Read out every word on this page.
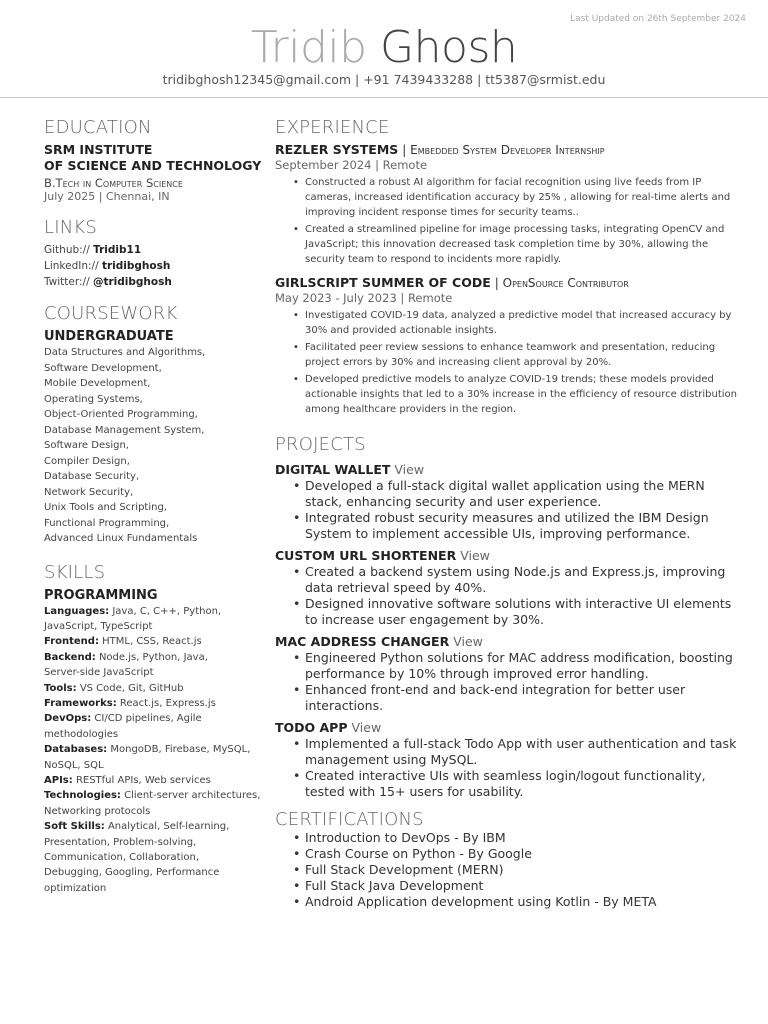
Last Updated on 26th September 2024
Tridib Ghosh
tridibghosh12345@gmail.com | +91 7439433288 | tt5387@srmist.edu
EDUCATION
SRM INSTITUTE
OF SCIENCE AND TECHNOLOGY
B.Tech in Computer Science
July 2025 | Chennai, IN
LINKS
Github:// Tridib11
LinkedIn:// tridibghosh
Twitter:// @tridibghosh
COURSEWORK
UNDERGRADUATE
Data Structures and Algorithms,
Software Development,
Mobile Development,
Operating Systems,
Object-Oriented Programming,
Database Management System,
Software Design,
Compiler Design,
Database Security,
Network Security,
Unix Tools and Scripting,
Functional Programming,
Advanced Linux Fundamentals
SKILLS
PROGRAMMING
Languages: Java, C, C++, Python,
JavaScript, TypeScript
Frontend: HTML, CSS, React.js
Backend: Node.js, Python, Java,
Server-side JavaScript
Tools: VS Code, Git, GitHub
Frameworks: React.js, Express.js
DevOps: CI/CD pipelines, Agile
methodologies
Databases: MongoDB, Firebase, MySQL,
NoSQL, SQL
APIs: RESTful APIs, Web services
Technologies: Client-server architectures,
Networking protocols
Soft Skills: Analytical, Self-learning,
Presentation, Problem-solving,
Communication, Collaboration,
Debugging, Googling, Performance
optimization
EXPERIENCE
REZLER SYSTEMS | Embedded System Developer Internship
September 2024 | Remote
• Constructed a robust AI algorithm for facial recognition using live feeds from IP cameras, increased identification accuracy by 25% , allowing for real-time alerts and improving incident response times for security teams..
• Created a streamlined pipeline for image processing tasks, integrating OpenCV and JavaScript; this innovation decreased task completion time by 30%, allowing the security team to respond to incidents more rapidly.
GIRLSCRIPT SUMMER OF CODE | OpenSource Contributor
May 2023 - July 2023 | Remote
• Investigated COVID-19 data, analyzed a predictive model that increased accuracy by 30% and provided actionable insights.
• Facilitated peer review sessions to enhance teamwork and presentation, reducing project errors by 30% and increasing client approval by 20%.
• Developed predictive models to analyze COVID-19 trends; these models provided actionable insights that led to a 30% increase in the efficiency of resource distribution among healthcare providers in the region.
PROJECTS
DIGITAL WALLET View
• Developed a full-stack digital wallet application using the MERN stack, enhancing security and user experience.
• Integrated robust security measures and utilized the IBM Design System to implement accessible UIs, improving performance.
CUSTOM URL SHORTENER View
• Created a backend system using Node.js and Express.js, improving data retrieval speed by 40%.
• Designed innovative software solutions with interactive UI elements to increase user engagement by 30%.
MAC ADDRESS CHANGER View
• Engineered Python solutions for MAC address modification, boosting performance by 10% through improved error handling.
• Enhanced front-end and back-end integration for better user interactions.
TODO APP View
• Implemented a full-stack Todo App with user authentication and task management using MySQL.
• Created interactive UIs with seamless login/logout functionality, tested with 15+ users for usability.
CERTIFICATIONS
• Introduction to DevOps - By IBM
• Crash Course on Python - By Google
• Full Stack Development (MERN)
• Full Stack Java Development
• Android Application development using Kotlin - By META
